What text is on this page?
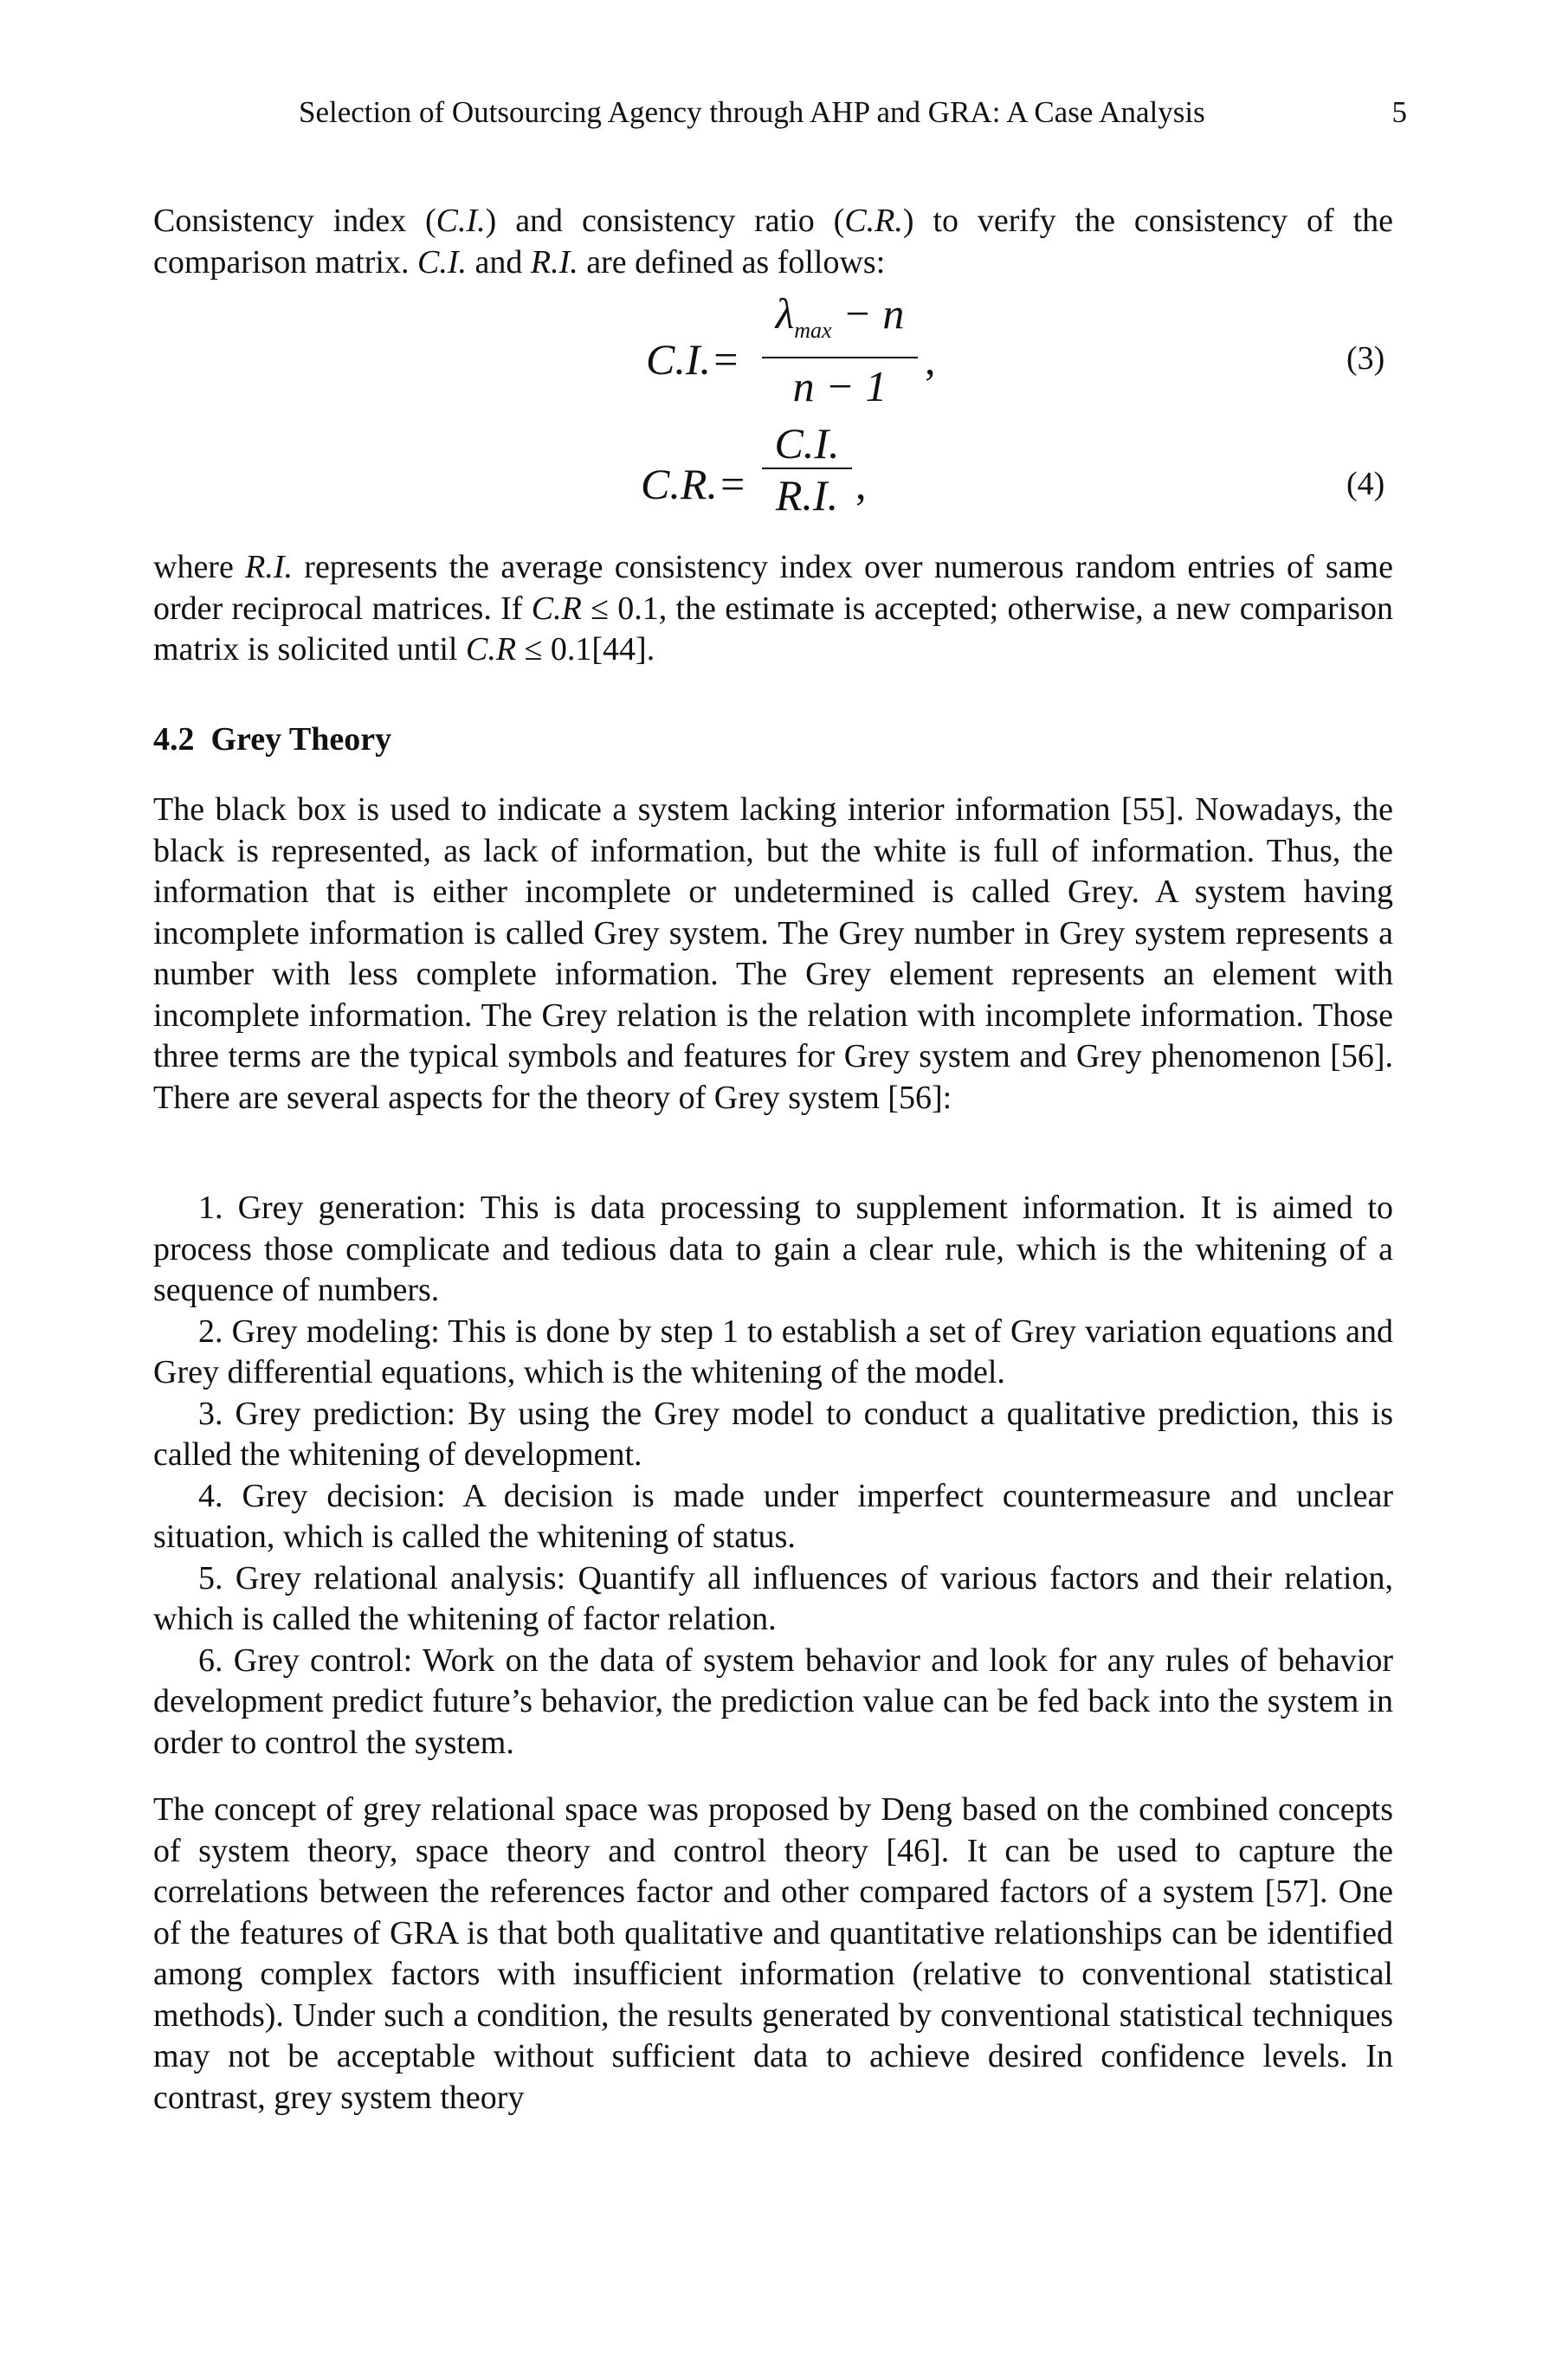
Selection of Outsourcing Agency through AHP and GRA: A Case Analysis	5

Consistency index (C.I.) and consistency ratio (C.R.) to verify the consistency of the comparison matrix. C.I. and R.I. are defined as follows:

C.I.=
$\lambda_{max} - n$
n − 1
,	(3)
C.R.=
C.I.
R.I. ,	(4)

where R.I. represents the average consistency index over numerous random entries of same order reciprocal matrices. If C.R ≤ 0.1, the estimate is accepted; otherwise, a new comparison matrix is solicited until C.R ≤ 0.1[44].

4.2 Grey Theory

The black box is used to indicate a system lacking interior information [55]. Nowadays, the black is represented, as lack of information, but the white is full of information. Thus, the information that is either incomplete or undetermined is called Grey. A system having incomplete information is called Grey system. The Grey number in Grey system represents a number with less complete information. The Grey element represents an element with incomplete information. The Grey relation is the relation with incomplete information. Those three terms are the typical symbols and features for Grey system and Grey phenomenon [56]. There are several aspects for the theory of Grey system [56]:

1. Grey generation: This is data processing to supplement information. It is aimed to process those complicate and tedious data to gain a clear rule, which is the whitening of a sequence of numbers.

2. Grey modeling: This is done by step 1 to establish a set of Grey variation equations and Grey differential equations, which is the whitening of the model.

3. Grey prediction: By using the Grey model to conduct a qualitative prediction, this is called the whitening of development.

4. Grey decision: A decision is made under imperfect countermeasure and unclear situation, which is called the whitening of status.

5. Grey relational analysis: Quantify all influences of various factors and their relation, which is called the whitening of factor relation.

6. Grey control: Work on the data of system behavior and look for any rules of behavior development predict future’s behavior, the prediction value can be fed back into the system in order to control the system.

The concept of grey relational space was proposed by Deng based on the combined concepts of system theory, space theory and control theory [46]. It can be used to capture the correlations between the references factor and other compared factors of a system [57]. One of the features of GRA is that both qualitative and quantitative relationships can be identified among complex factors with insufficient information (relative to conventional statistical methods). Under such a condition, the results generated by conventional statistical techniques may not be acceptable without sufficient data to achieve desired confidence levels. In contrast, grey system theory
